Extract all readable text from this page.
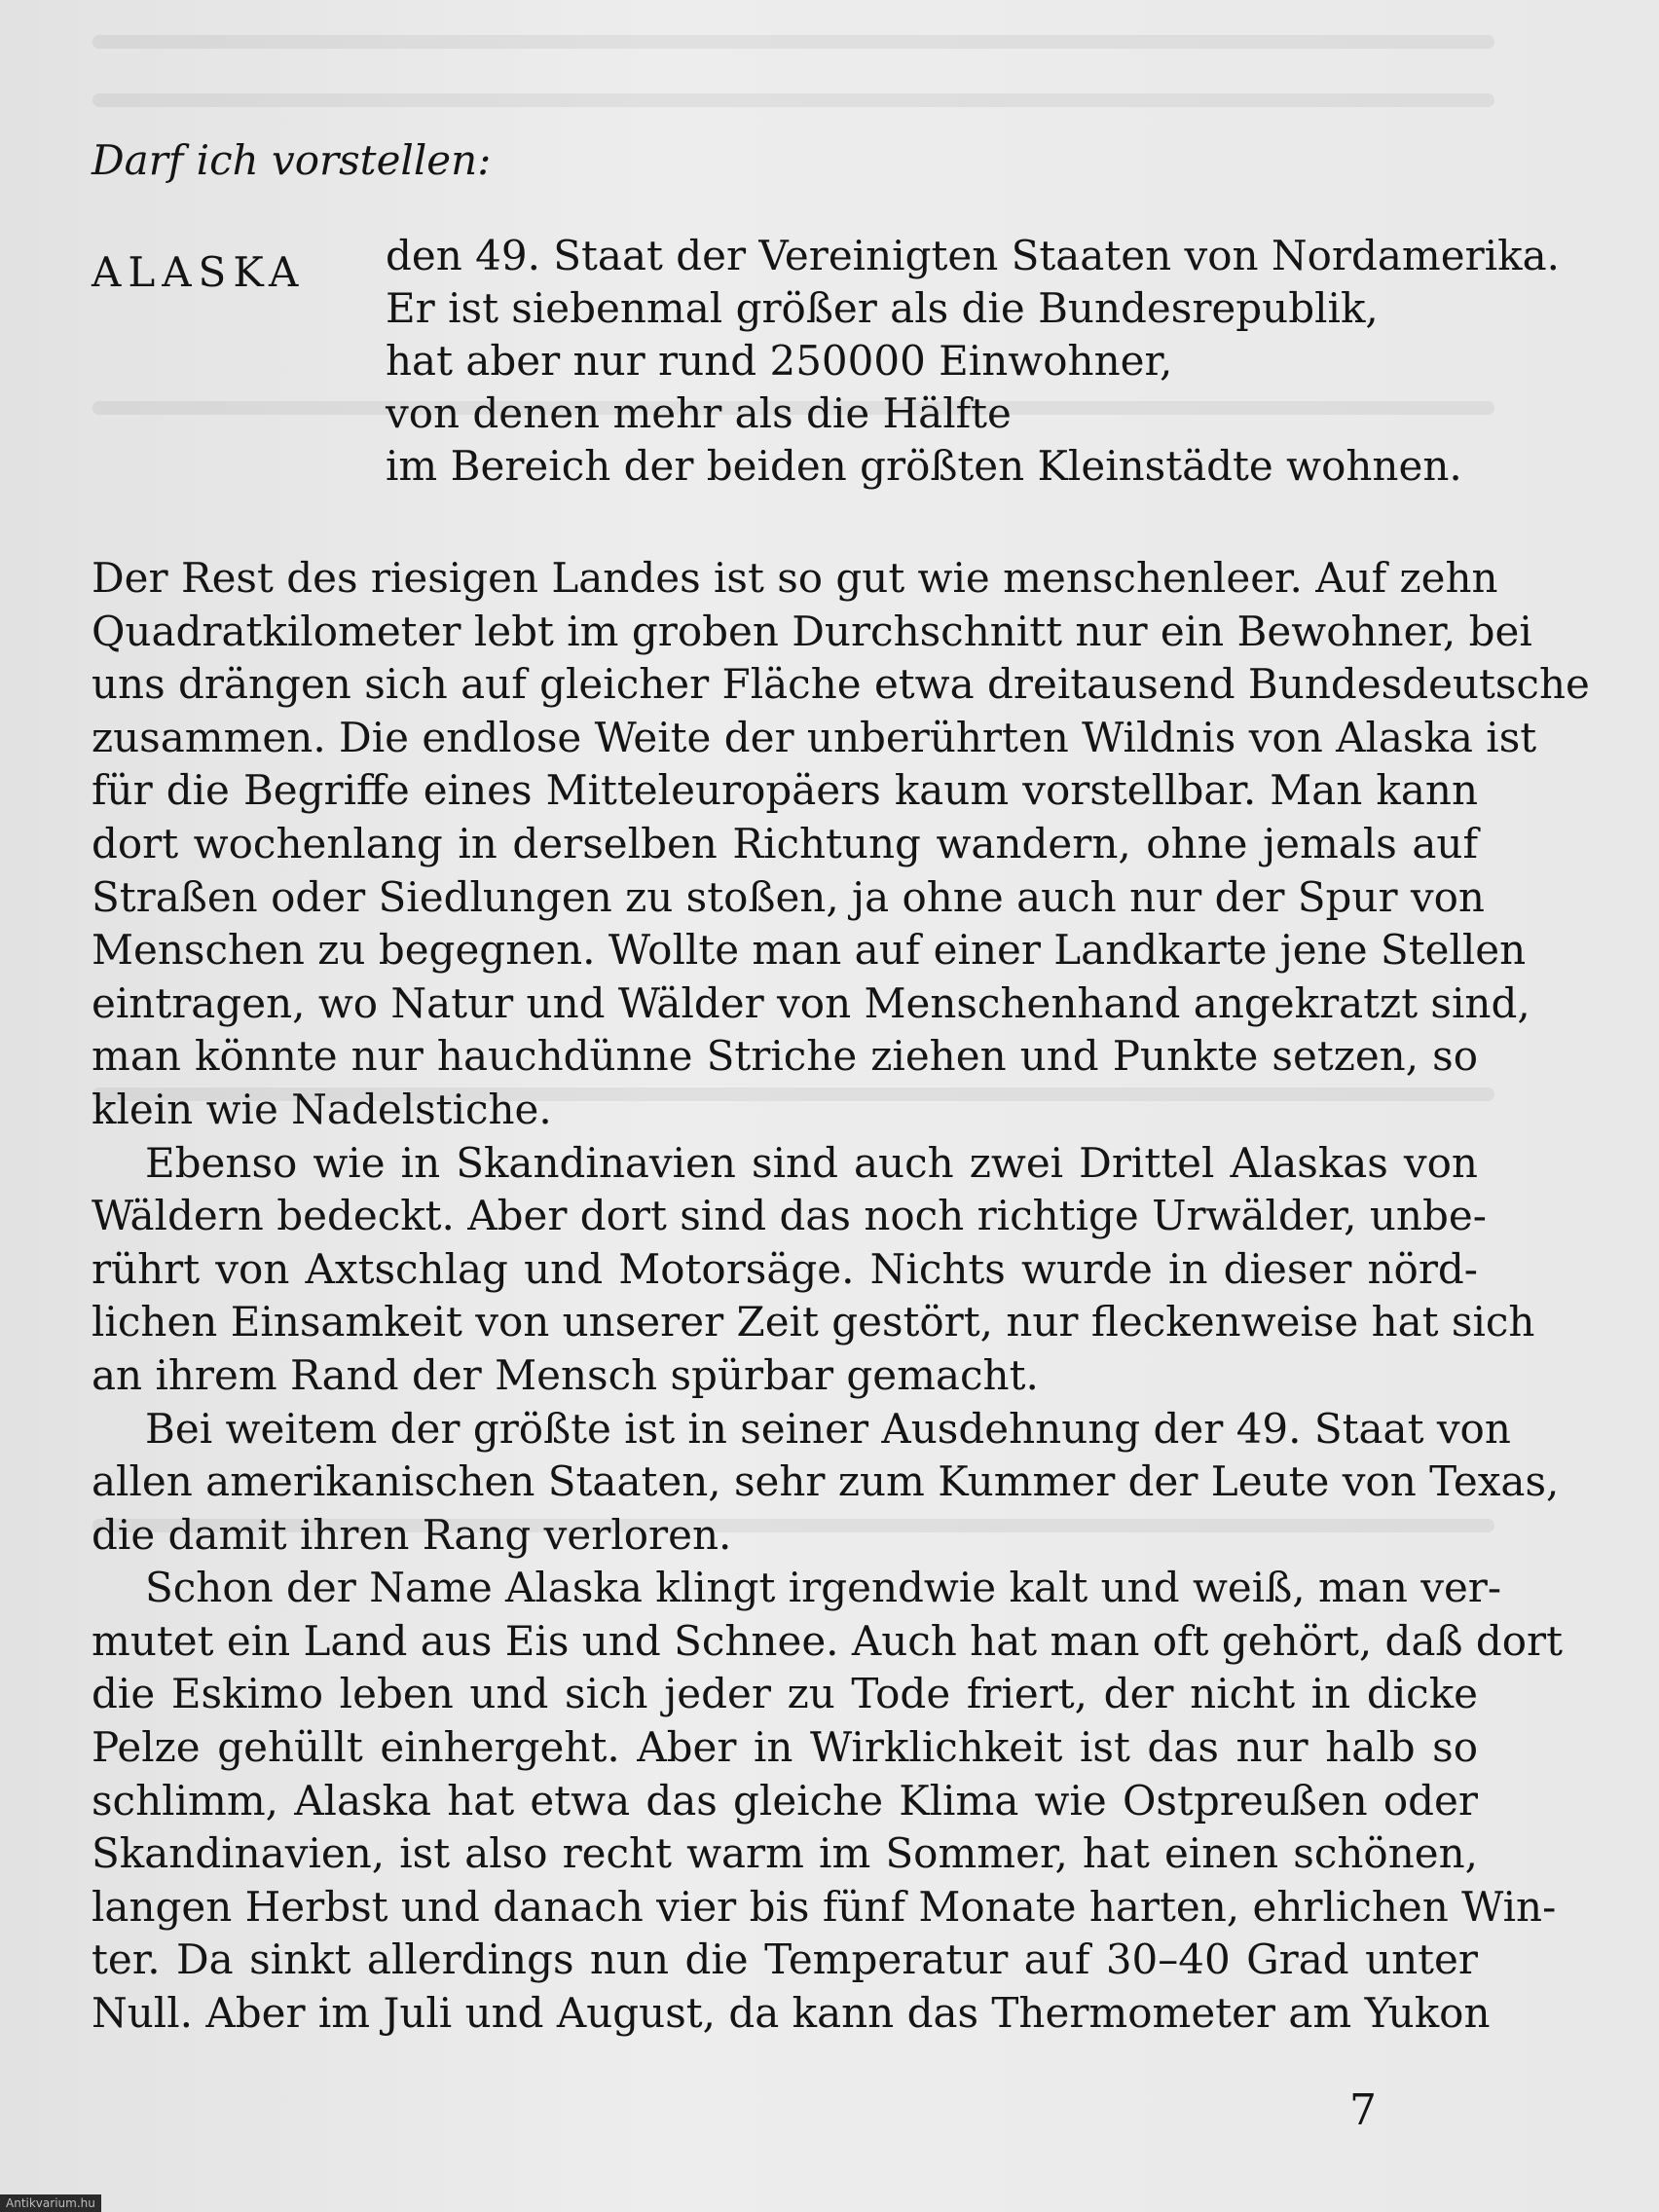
Darf ich vorstellen:
ALASKA den 49. Staat der Vereinigten Staaten von Nordamerika.
Er ist siebenmal größer als die Bundesrepublik,
hat aber nur rund 250000 Einwohner,
von denen mehr als die Hälfte
im Bereich der beiden größten Kleinstädte wohnen.
Der Rest des riesigen Landes ist so gut wie menschenleer. Auf zehn
Quadratkilometer lebt im groben Durchschnitt nur ein Bewohner, bei
uns drängen sich auf gleicher Fläche etwa dreitausend Bundesdeutsche
zusammen. Die endlose Weite der unberührten Wildnis von Alaska ist
für die Begriffe eines Mitteleuropäers kaum vorstellbar. Man kann
dort wochenlang in derselben Richtung wandern, ohne jemals auf
Straßen oder Siedlungen zu stoßen, ja ohne auch nur der Spur von
Menschen zu begegnen. Wollte man auf einer Landkarte jene Stellen
eintragen, wo Natur und Wälder von Menschenhand angekratzt sind,
man könnte nur hauchdünne Striche ziehen und Punkte setzen, so
klein wie Nadelstiche.
Ebenso wie in Skandinavien sind auch zwei Drittel Alaskas von
Wäldern bedeckt. Aber dort sind das noch richtige Urwälder, unbe-
rührt von Axtschlag und Motorsäge. Nichts wurde in dieser nörd-
lichen Einsamkeit von unserer Zeit gestört, nur fleckenweise hat sich
an ihrem Rand der Mensch spürbar gemacht.
Bei weitem der größte ist in seiner Ausdehnung der 49. Staat von
allen amerikanischen Staaten, sehr zum Kummer der Leute von Texas,
die damit ihren Rang verloren.
Schon der Name Alaska klingt irgendwie kalt und weiß, man ver-
mutet ein Land aus Eis und Schnee. Auch hat man oft gehört, daß dort
die Eskimo leben und sich jeder zu Tode friert, der nicht in dicke
Pelze gehüllt einhergeht. Aber in Wirklichkeit ist das nur halb so
schlimm, Alaska hat etwa das gleiche Klima wie Ostpreußen oder
Skandinavien, ist also recht warm im Sommer, hat einen schönen,
langen Herbst und danach vier bis fünf Monate harten, ehrlichen Win-
ter. Da sinkt allerdings nun die Temperatur auf 30–40 Grad unter
Null. Aber im Juli und August, da kann das Thermometer am Yukon
7
Antikvarium.hu
